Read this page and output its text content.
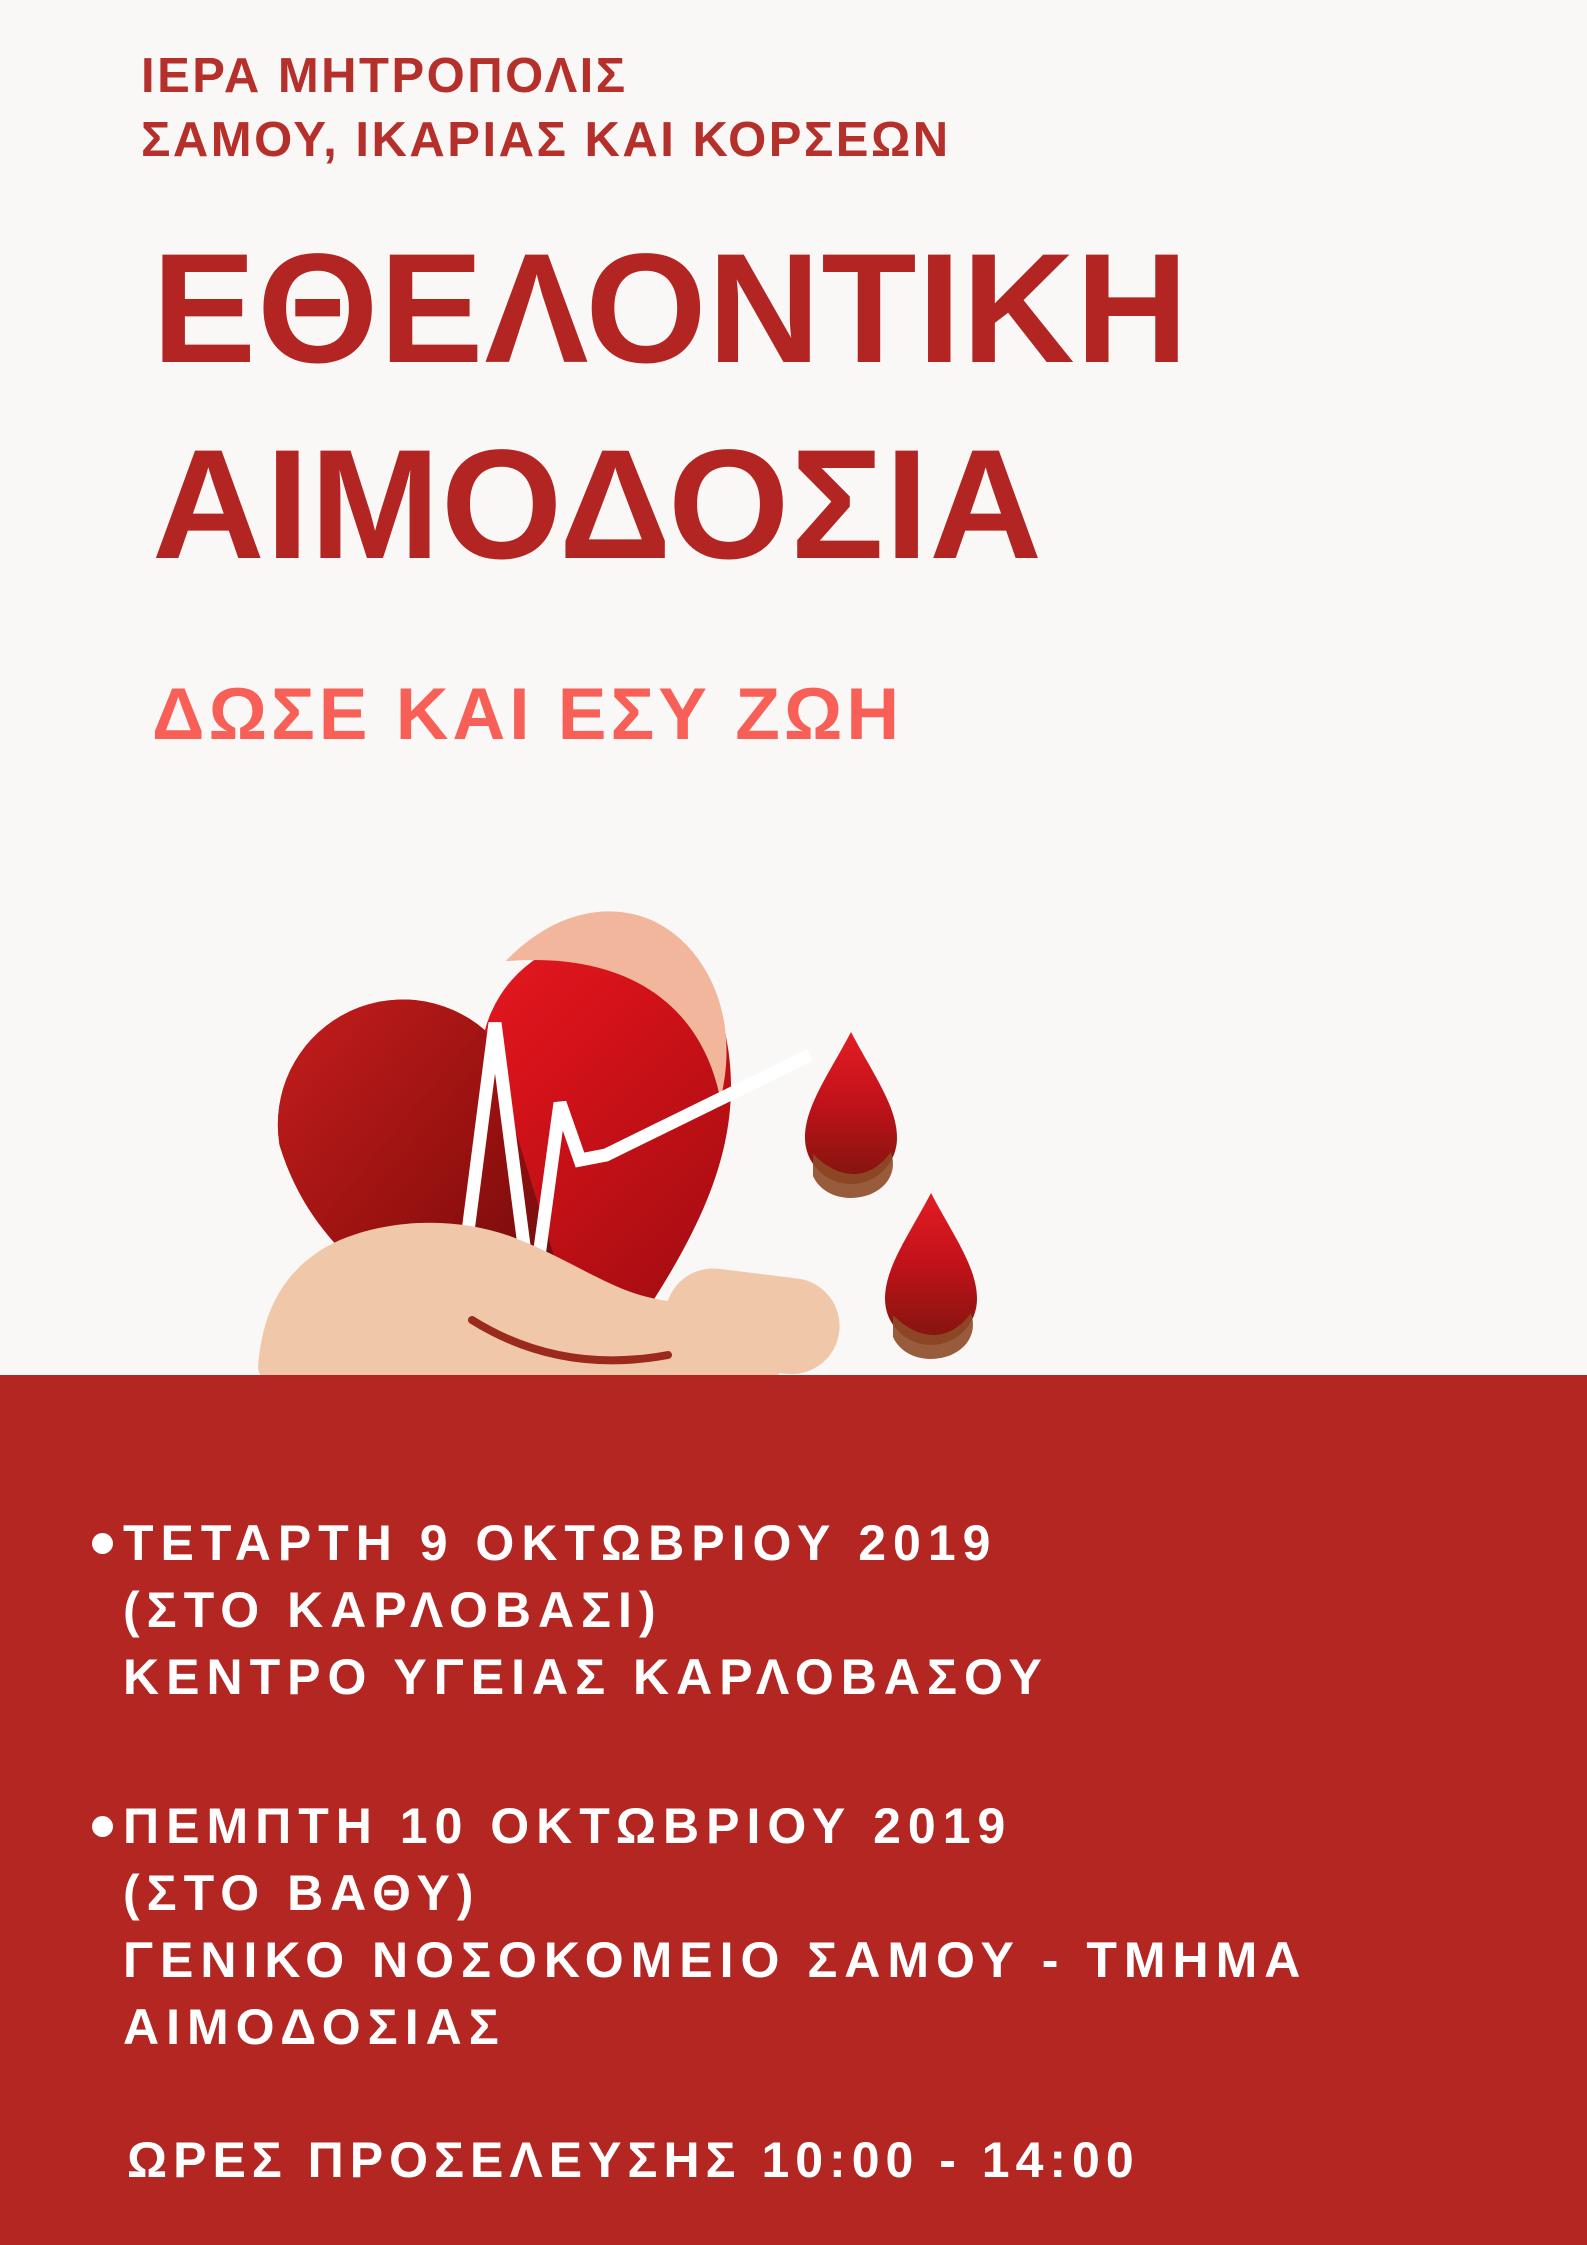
ΙΕΡΑ ΜΗΤΡΟΠΟΛΙΣ
ΣΑΜΟΥ, ΙΚΑΡΙΑΣ ΚΑΙ ΚΟΡΣΕΩΝ
ΕΘΕΛΟΝΤΙΚΗ
ΑΙΜΟΔΟΣΙΑ
ΔΩΣΕ ΚΑΙ ΕΣΥ ΖΩΗ
ΤΕΤΑΡΤΗ 9 ΟΚΤΩΒΡΙΟΥ 2019
(ΣΤΟ ΚΑΡΛΟΒΑΣΙ)
ΚΕΝΤΡΟ ΥΓΕΙΑΣ ΚΑΡΛΟΒΑΣΟΥ
ΠΕΜΠΤΗ 10 ΟΚΤΩΒΡΙΟΥ 2019
(ΣΤΟ ΒΑΘΥ)
ΓΕΝΙΚΟ ΝΟΣΟΚΟΜΕΙΟ ΣΑΜΟΥ - ΤΜΗΜΑ ΑΙΜΟΔΟΣΙΑΣ
ΩΡΕΣ ΠΡΟΣΕΛΕΥΣΗΣ 10:00 - 14:00
